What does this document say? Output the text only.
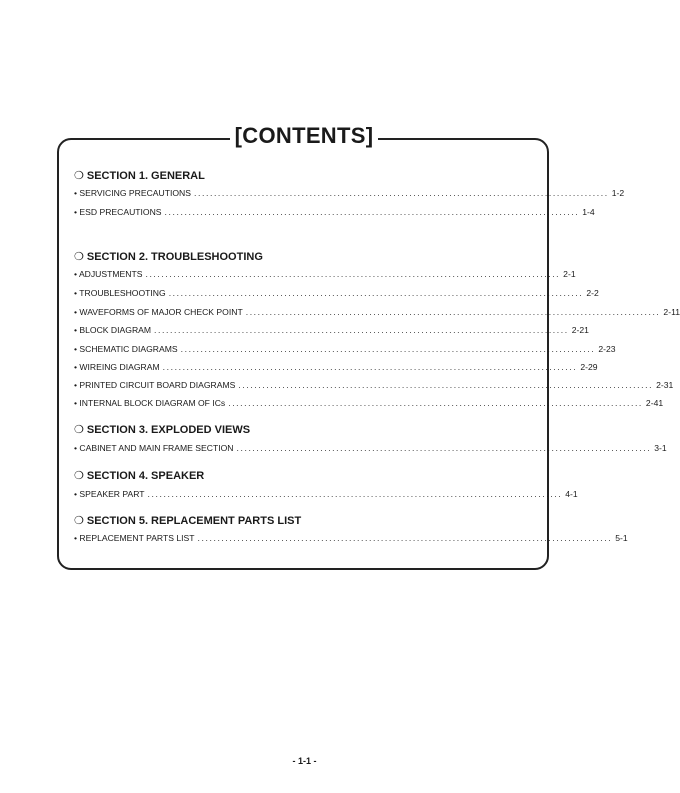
[CONTENTS]
❍ SECTION 1. GENERAL
• SERVICING PRECAUTIONS ........................................................................................................ 1-2
• ESD PRECAUTIONS ........................................................................................................ 1-4
❍ SECTION 2. TROUBLESHOOTING
• ADJUSTMENTS ........................................................................................................ 2-1
• TROUBLESHOOTING ........................................................................................................ 2-2
• WAVEFORMS OF MAJOR CHECK POINT ........................................................................................................ 2-11
• BLOCK DIAGRAM ........................................................................................................ 2-21
• SCHEMATIC DIAGRAMS ........................................................................................................ 2-23
• WIREING DIAGRAM ........................................................................................................ 2-29
• PRINTED CIRCUIT BOARD DIAGRAMS ........................................................................................................ 2-31
• INTERNAL BLOCK DIAGRAM OF ICs ........................................................................................................ 2-41
❍ SECTION 3. EXPLODED VIEWS
• CABINET AND MAIN FRAME SECTION ........................................................................................................ 3-1
❍ SECTION 4. SPEAKER
• SPEAKER PART ........................................................................................................ 4-1
❍ SECTION 5. REPLACEMENT PARTS LIST
• REPLACEMENT PARTS LIST ........................................................................................................ 5-1
- 1-1 -
